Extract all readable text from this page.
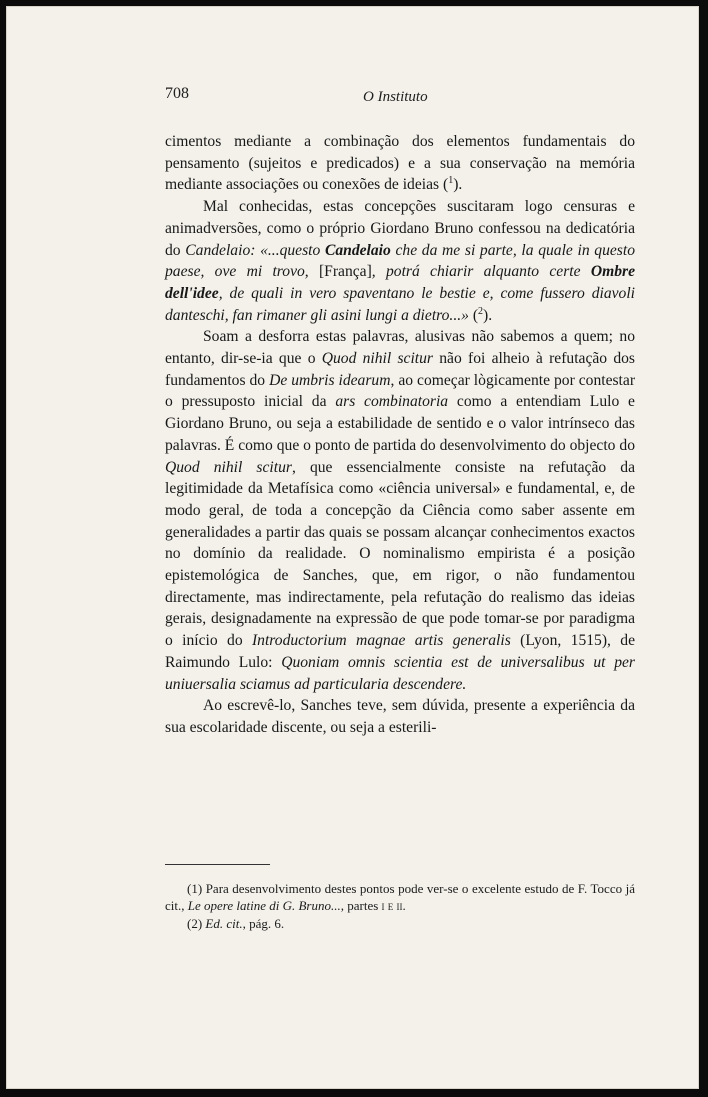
708	O Instituto

cimentos mediante a combinação dos elementos fundamentais do pensamento (sujeitos e predicados) e a sua conservação na memória mediante associações ou conexões de ideias ($^1$).

Mal conhecidas, estas concepções suscitaram logo censuras e animadversões, como o próprio Giordano Bruno confessou na dedicatória do Candelaio: «...questo Candelaio che da me si parte, la quale in questo paese, ove mi trovo, [França], potrá chiarir alquanto certe Ombre dell'idee, de quali in vero spaventano le bestie e, come fussero diavoli danteschi, fan rimaner gli asini lungi a dietro...» ($^2$).

Soam a desforra estas palavras, alusivas não sabemos a quem; no entanto, dir-se-ia que o Quod nihil scitur não foi alheio à refutação dos fundamentos do De umbris idearum, ao começar lògicamente por contestar o pressuposto inicial da ars combinatoria como a entendiam Lulo e Giordano Bruno, ou seja a estabilidade de sentido e o valor intrínseco das palavras. É como que o ponto de partida do desenvolvimento do objecto do Quod nihil scitur, que essencialmente consiste na refutação da legitimidade da Metafísica como «ciência universal» e fundamental, e, de modo geral, de toda a concepção da Ciência como saber assente em generalidades a partir das quais se possam alcançar conhecimentos exactos no domínio da realidade. O nominalismo empirista é a posição epistemológica de Sanches, que, em rigor, o não fundamentou directamente, mas indirectamente, pela refutação do realismo das ideias gerais, designadamente na expressão de que pode tomar-se por paradigma o início do Introductorium magnae artis generalis (Lyon, 1515), de Raimundo Lulo: Quoniam omnis scientia est de universalibus ut per uniuersalia sciamus ad particularia descendere.

Ao escrevê-lo, Sanches teve, sem dúvida, presente a experiência da sua escolaridade discente, ou seja a esterili-

(1) Para desenvolvimento destes pontos pode ver-se o excelente estudo de F. Tocco já cit., Le opere latine di G. Bruno..., partes i e ii.

(2) Ed. cit., pág. 6.
